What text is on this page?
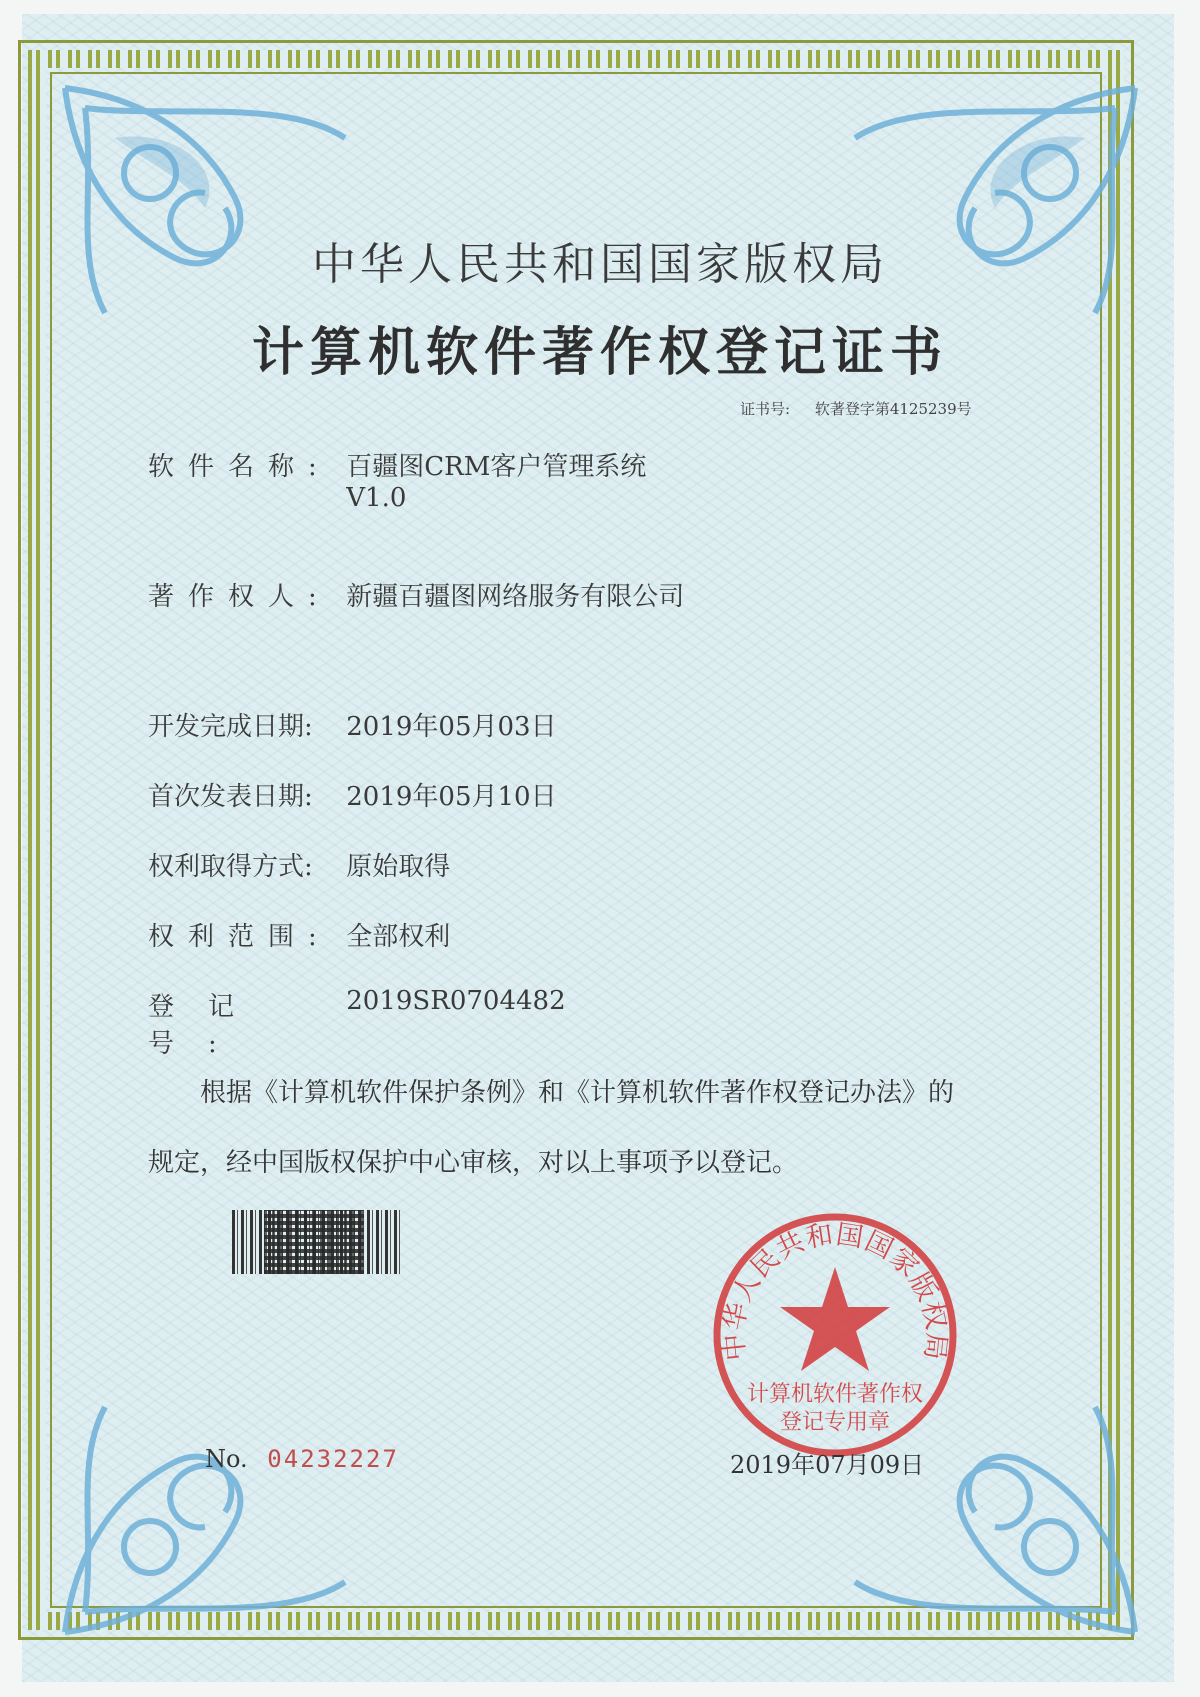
中华人民共和国国家版权局
计算机软件著作权登记证书
证书号: 软著登字第4125239号
软件名称: 百疆图CRM客户管理系统
V1.0
著作权人: 新疆百疆图网络服务有限公司
开发完成日期: 2019年05月03日
首次发表日期: 2019年05月10日
权利取得方式: 原始取得
权利范围: 全部权利
登记号: 2019SR0704482
根据《计算机软件保护条例》和《计算机软件著作权登记办法》的
规定，经中国版权保护中心审核，对以上事项予以登记。
中华人民共和国国家版权局
计算机软件著作权
登记专用章
No. 04232227	2019年07月09日
